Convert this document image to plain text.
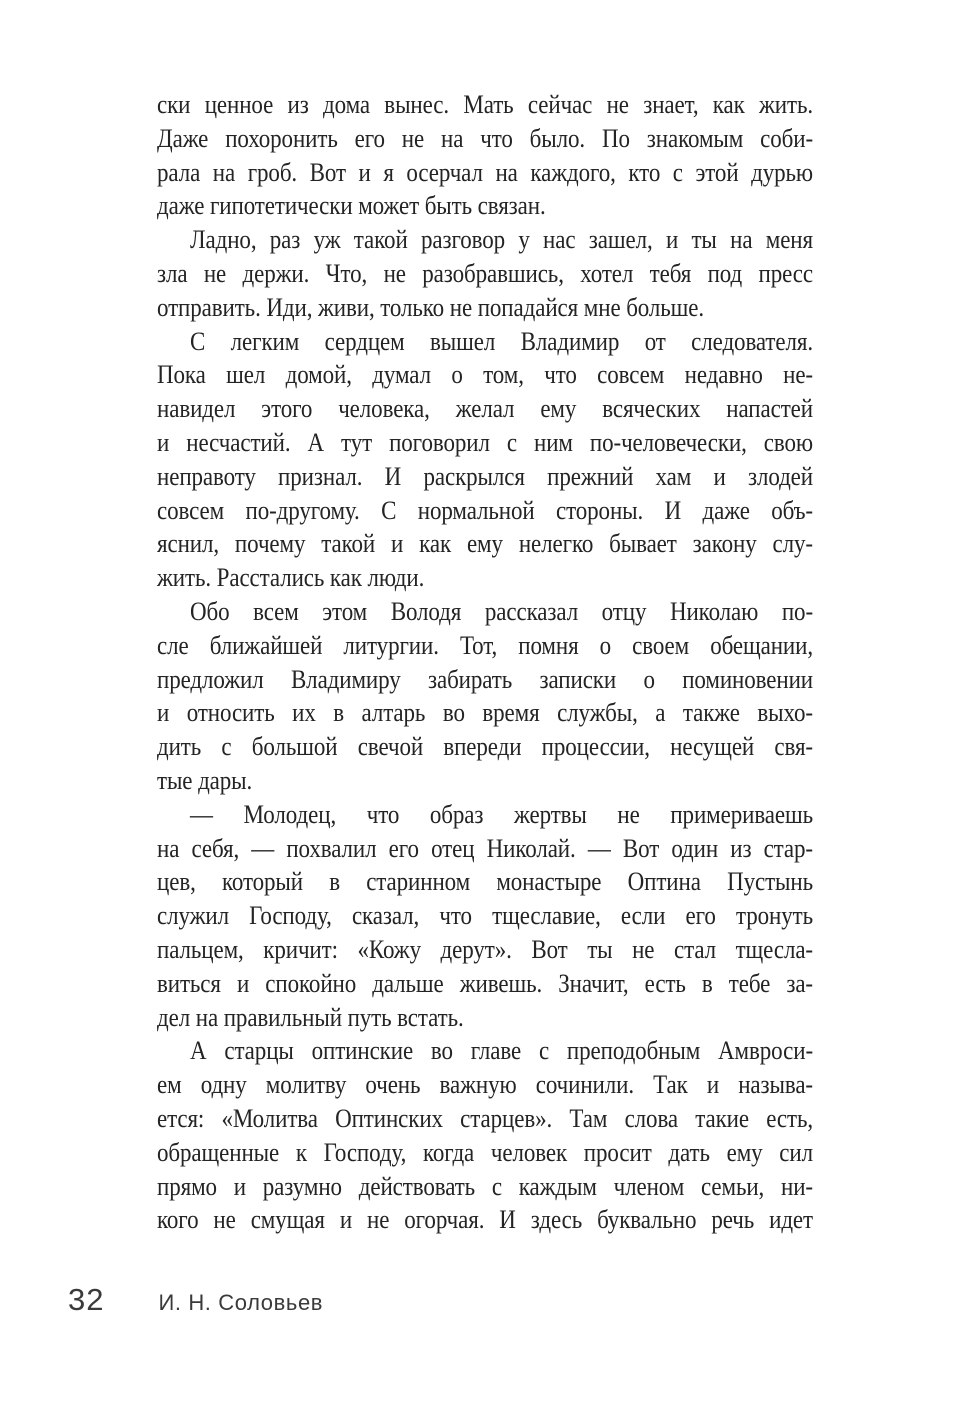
ски ценное из дома вынес. Мать сейчас не знает, как жить.
Даже похоронить его не на что было. По знакомым соби-
рала на гроб. Вот и я осерчал на каждого, кто с этой дурью
даже гипотетически может быть связан.
Ладно, раз уж такой разговор у нас зашел, и ты на меня
зла не держи. Что, не разобравшись, хотел тебя под пресс
отправить. Иди, живи, только не попадайся мне больше.
С легким сердцем вышел Владимир от следователя.
Пока шел домой, думал о том, что совсем недавно не-
навидел этого человека, желал ему всяческих напастей
и несчастий. А тут поговорил с ним по-человечески, свою
неправоту признал. И раскрылся прежний хам и злодей
совсем по-другому. С нормальной стороны. И даже объ-
яснил, почему такой и как ему нелегко бывает закону слу-
жить. Расстались как люди.
Обо всем этом Володя рассказал отцу Николаю по-
сле ближайшей литургии. Тот, помня о своем обещании,
предложил Владимиру забирать записки о поминовении
и относить их в алтарь во время службы, а также выхо-
дить с большой свечой впереди процессии, несущей свя-
тые дары.
— Молодец, что образ жертвы не примериваешь
на себя, — похвалил его отец Николай. — Вот один из стар-
цев, который в старинном монастыре Оптина Пустынь
служил Господу, сказал, что тщеславие, если его тронуть
пальцем, кричит: «Кожу дерут». Вот ты не стал тщесла-
виться и спокойно дальше живешь. Значит, есть в тебе за-
дел на правильный путь встать.
А старцы оптинские во главе с преподобным Амвроси-
ем одну молитву очень важную сочинили. Так и называ-
ется: «Молитва Оптинских старцев». Там слова такие есть,
обращенные к Господу, когда человек просит дать ему сил
прямо и разумно действовать с каждым членом семьи, ни-
кого не смущая и не огорчая. И здесь буквально речь идет
32 И. Н. Соловьев
